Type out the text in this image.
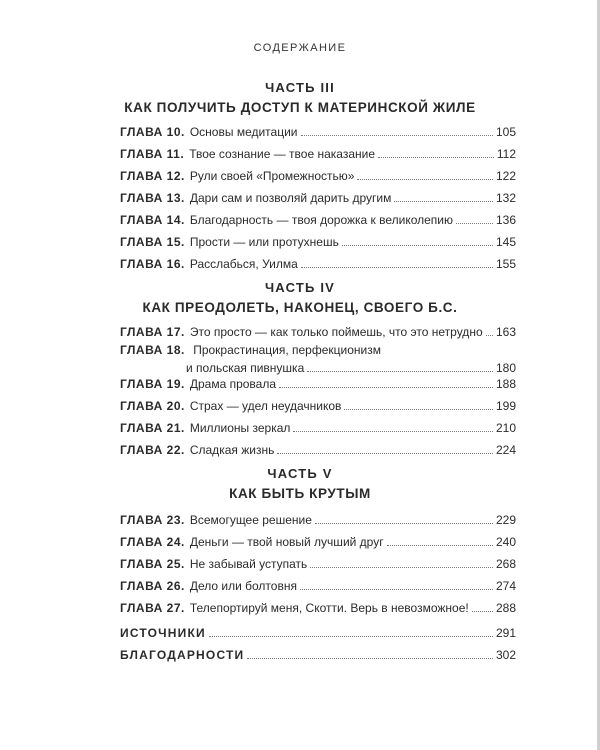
СОДЕРЖАНИЕ
ЧАСТЬ III
КАК ПОЛУЧИТЬ ДОСТУП К МАТЕРИНСКОЙ ЖИЛЕ
ГЛАВА 10. Основы медитации	105
ГЛАВА 11. Твое сознание — твое наказание	112
ГЛАВА 12. Рули своей «Промежностью»	122
ГЛАВА 13. Дари сам и позволяй дарить другим	132
ГЛАВА 14. Благодарность — твоя дорожка к великолепию	136
ГЛАВА 15. Прости — или протухнешь	145
ГЛАВА 16. Расслабься, Уилма	155
ЧАСТЬ IV
КАК ПРЕОДОЛЕТЬ, НАКОНЕЦ, СВОЕГО Б.С.
ГЛАВА 17. Это просто — как только поймешь, что это нетрудно 163
ГЛАВА 18. Прокрастинация, перфекционизм
и польская пивнушка	180
ГЛАВА 19. Драма провала	188
ГЛАВА 20. Страх — удел неудачников	199
ГЛАВА 21. Миллионы зеркал	210
ГЛАВА 22. Сладкая жизнь	224
ЧАСТЬ V
КАК БЫТЬ КРУТЫМ
ГЛАВА 23. Всемогущее решение	229
ГЛАВА 24. Деньги — твой новый лучший друг	240
ГЛАВА 25. Не забывай уступать	268
ГЛАВА 26. Дело или болтовня	274
ГЛАВА 27. Телепортируй меня, Скотти. Верь в невозможное! 288
ИСТОЧНИКИ	291
БЛАГОДАРНОСТИ	302
